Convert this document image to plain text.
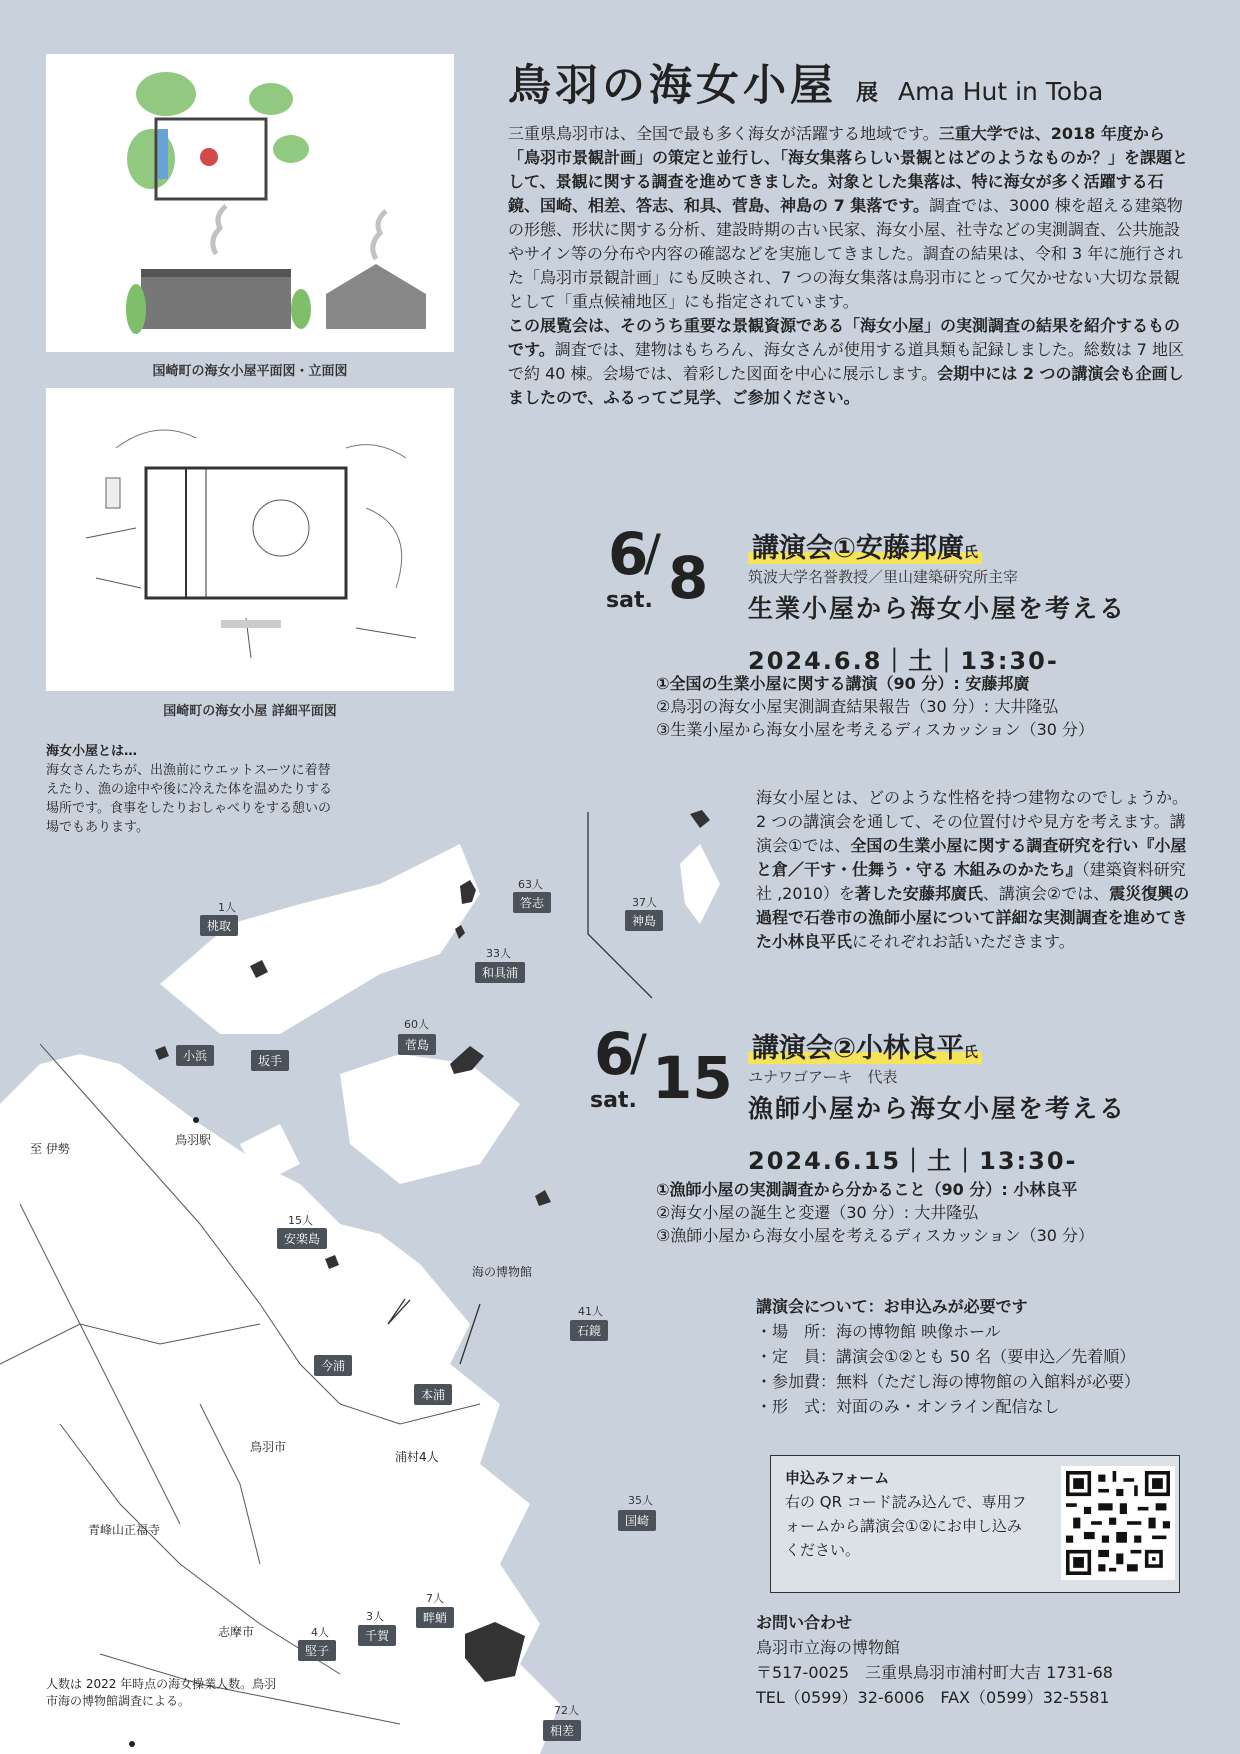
国崎町の海女小屋平面図・立面図
国崎町の海女小屋 詳細平面図
鳥羽の海女小屋 展 Ama Hut in Toba
三重県鳥羽市は、全国で最も多く海女が活躍する地域です。三重大学では、2018 年度から「鳥羽市景観計画」の策定と並行し、「海女集落らしい景観とはどのようなものか？」を課題として、景観に関する調査を進めてきました。対象とした集落は、特に海女が多く活躍する石鏡、国崎、相差、答志、和具、菅島、神島の 7 集落です。調査では、3000 棟を超える建築物の形態、形状に関する分析、建設時期の古い民家、海女小屋、社寺などの実測調査、公共施設やサイン等の分布や内容の確認などを実施してきました。調査の結果は、令和 3 年に施行された「鳥羽市景観計画」にも反映され、7 つの海女集落は鳥羽市にとって欠かせない大切な景観として「重点候補地区」にも指定されています。
この展覧会は、そのうち重要な景観資源である「海女小屋」の実測調査の結果を紹介するものです。調査では、建物はもちろん、海女さんが使用する道具類も記録しました。総数は 7 地区で約 40 棟。会場では、着彩した図面を中心に展示します。会期中には 2 つの講演会も企画しましたので、ふるってご見学、ご参加ください。
6
/ 8
sat.
講演会①安藤邦廣氏
筑波大学名誉教授／里山建築研究所主宰
生業小屋から海女小屋を考える
2024.6.8｜土｜13:30-
①全国の生業小屋に関する講演（90 分）: 安藤邦廣
②鳥羽の海女小屋実測調査結果報告（30 分）: 大井隆弘
③生業小屋から海女小屋を考えるディスカッション（30 分）
海女小屋とは、どのような性格を持つ建物なのでしょうか。2 つの講演会を通して、その位置付けや見方を考えます。講演会①では、全国の生業小屋に関する調査研究を行い『小屋と倉／干す・仕舞う・守る 木組みのかたち』（建築資料研究社 ,2010）を著した安藤邦廣氏、講演会②では、震災復興の過程で石巻市の漁師小屋について詳細な実測調査を進めてきた小林良平氏にそれぞれお話いただきます。
6
/ 15
sat.
講演会②小林良平氏
ユナワゴアーキ　代表
漁師小屋から海女小屋を考える
2024.6.15｜土｜13:30-
①漁師小屋の実測調査から分かること（90 分）: 小林良平
②海女小屋の誕生と変遷（30 分）: 大井隆弘
③漁師小屋から海女小屋を考えるディスカッション（30 分）
海女小屋とは…
海女さんたちが、出漁前にウエットスーツに着替えたり、漁の途中や後に冷えた体を温めたりする場所です。食事をしたりおしゃべりをする憩いの場でもあります。
63人
答志	37人
神島
1人
桃取
33人
和具浦
60人
菅島
小浜	坂手
15人
安楽島
41人
石鏡
今浦
本浦
35人
国崎
4人
堅子
3人
千賀
7人
畔蛸
72人
相差
海の博物館
鳥羽駅
至 伊勢
鳥羽市
浦村4人
青峰山正福寺
志摩市
人数は 2022 年時点の海女操業人数。鳥羽市海の博物館調査による。
講演会について：お申込みが必要です
・場　所：海の博物館 映像ホール
・定　員：講演会①②とも 50 名（要申込／先着順）
・参加費：無料（ただし海の博物館の入館料が必要）
・形　式：対面のみ・オンライン配信なし
申込みフォーム
右の QR コード読み込んで、専用フォームから講演会①②にお申し込みください。
お問い合わせ
鳥羽市立海の博物館
〒517-0025　三重県鳥羽市浦村町大吉 1731-68
TEL（0599）32-6006　FAX（0599）32-5581
